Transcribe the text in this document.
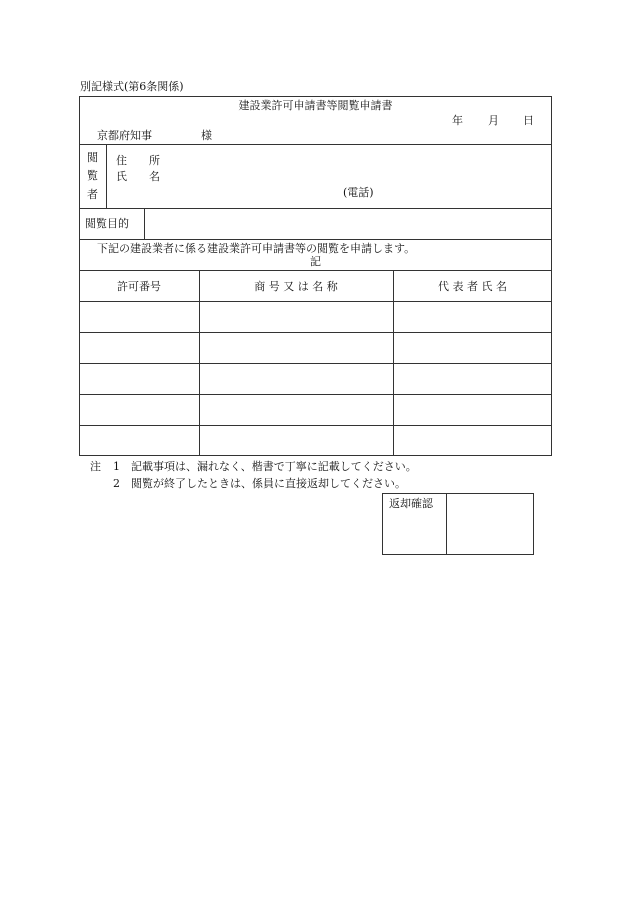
別記様式(第6条関係)
建設業許可申請書等閲覧申請書
年 月 日
京都府知事	様
閲
覧
者
住　　所
氏　　名
(電話)
閲覧目的
下記の建設業者に係る建設業許可申請書等の閲覧を申請します。
記
許可番号	商 号 又 は 名 称	代 表 者 氏 名
注 1 記載事項は、漏れなく、楷書で丁寧に記載してください。
2 閲覧が終了したときは、係員に直接返却してください。
返却確認
